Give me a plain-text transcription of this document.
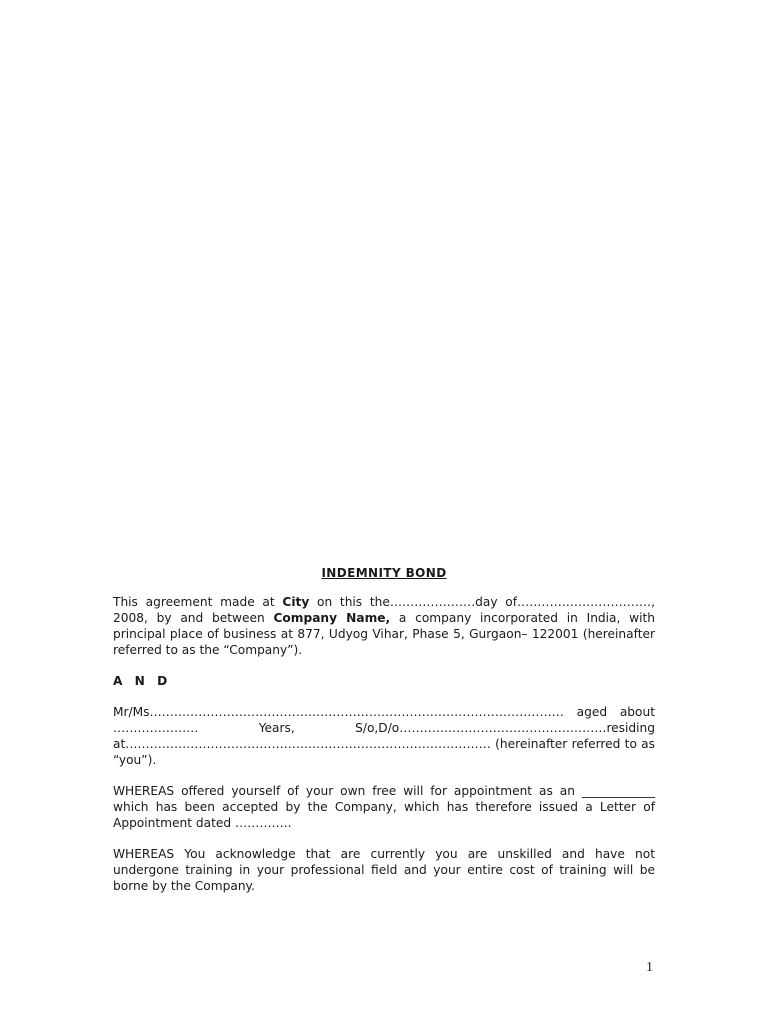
INDEMNITY BOND

This agreement made at City on this the…………………day of……………………………, 2008, by and between Company Name, a company incorporated in India, with principal place of business at 877, Udyog Vihar, Phase 5, Gurgaon– 122001 (hereinafter referred to as the “Company”).

A N D

Mr/Ms………………………………………………………………………………………… aged about ………………… Years, S/o,D/o……………………………………………residing at……………………………………………………………………………… (hereinafter referred to as “you”).

WHEREAS offered yourself of your own free will for appointment as an ____________ which has been accepted by the Company, which has therefore issued a Letter of Appointment dated …………..

WHEREAS You acknowledge that are currently you are unskilled and have not undergone training in your professional field and your entire cost of training will be borne by the Company.

1
